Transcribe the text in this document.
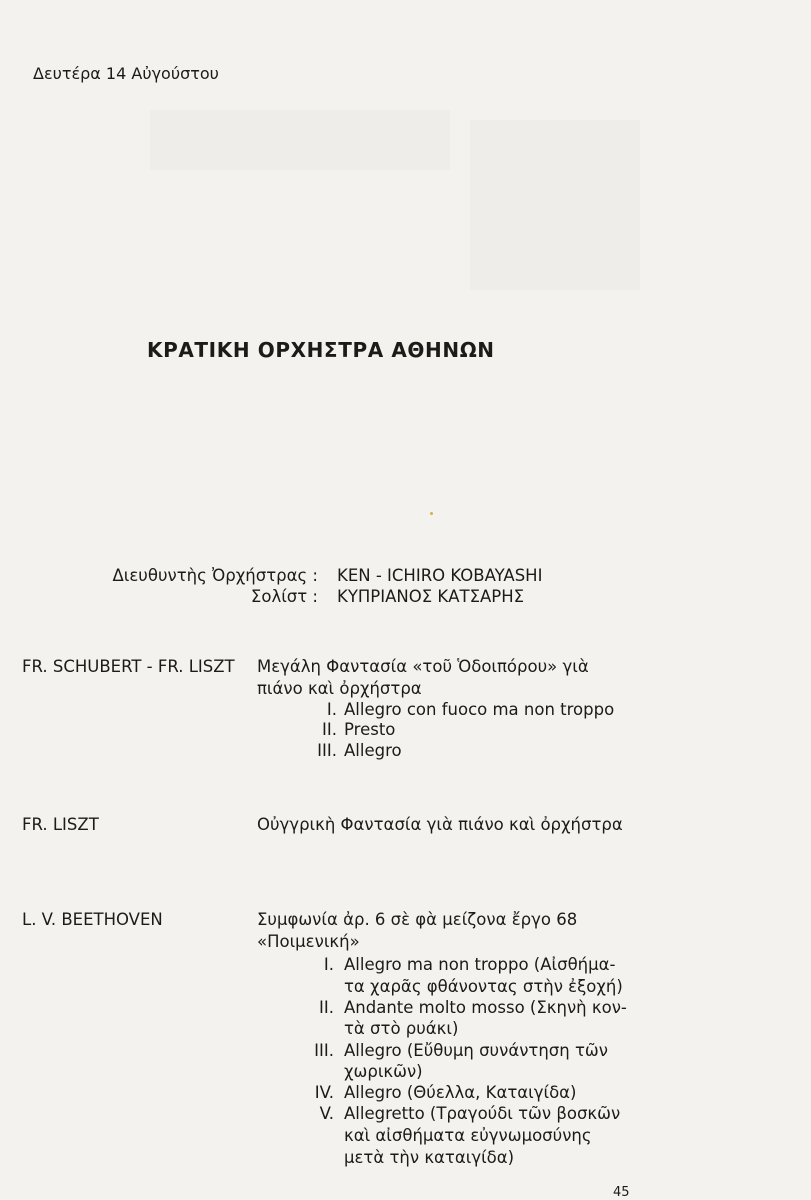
Δευτέρα 14 Αὐγούστου
ΚΡΑΤΙΚΗ ΟΡΧΗΣΤΡΑ ΑΘΗΝΩΝ
Διευθυντὴς Ὀρχήστρας : KEN - ICHIRO KOBAYASHI
Σολίστ : ΚΥΠΡΙΑΝΟΣ ΚΑΤΣΑΡΗΣ
FR. SCHUBERT - FR. LISZT Μεγάλη Φαντασία «τοῦ Ὁδοιπόρου» γιὰ
πιάνο καὶ ὀρχήστρα
I. Allegro con fuoco ma non troppo
II. Presto
III. Allegro
FR. LISZT	Οὐγγρικὴ Φαντασία γιὰ πιάνο καὶ ὀρχήστρα
L. V. BEETHOVEN	Συμφωνία ἀρ. 6 σὲ φὰ μείζονα ἔργο 68
«Ποιμενική»
I. Allegro ma non troppo (Αἰσθήμα-
τα χαρᾶς φθάνοντας στὴν ἐξοχή)
II. Andante molto mosso (Σκηνὴ κον-
τὰ στὸ ρυάκι)
III. Allegro (Εὔθυμη συνάντηση τῶν
χωρικῶν)
IV. Allegro (Θύελλα, Καταιγίδα)
V. Allegretto (Τραγούδι τῶν βοσκῶν
καὶ αἰσθήματα εὐγνωμοσύνης
μετὰ τὴν καταιγίδα)
45
